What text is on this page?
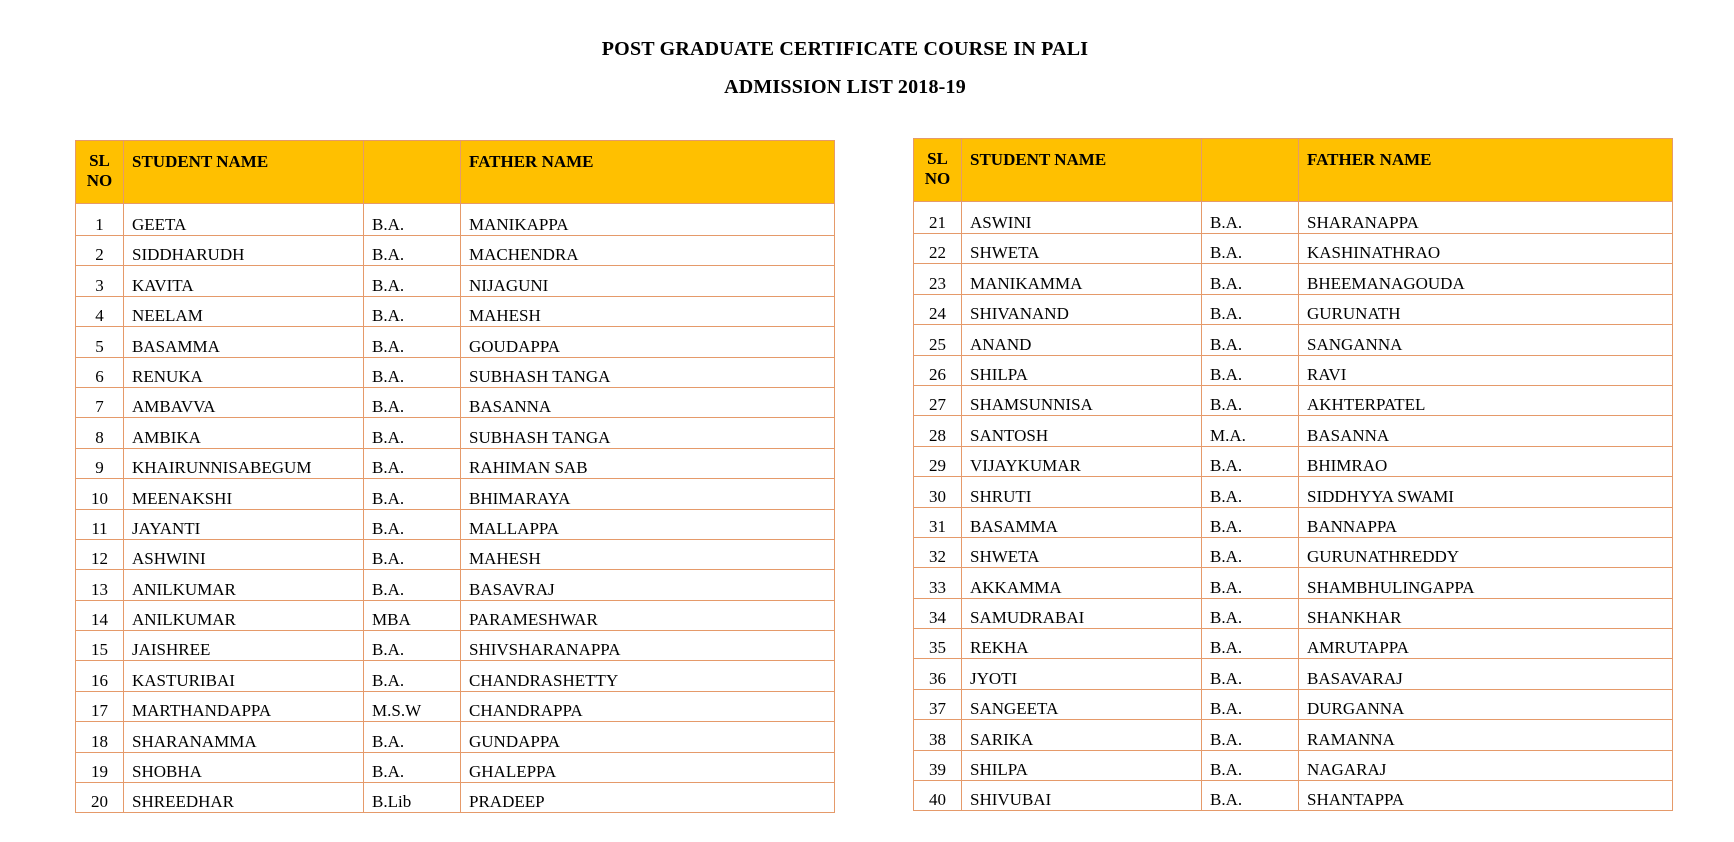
POST GRADUATE CERTIFICATE COURSE IN PALI
ADMISSION LIST 2018-19
SL NO	STUDENT NAME		FATHER NAME
1	GEETA	B.A.	MANIKAPPA
2	SIDDHARUDH	B.A.	MACHENDRA
3	KAVITA	B.A.	NIJAGUNI
4	NEELAM	B.A.	MAHESH
5	BASAMMA	B.A.	GOUDAPPA
6	RENUKA	B.A.	SUBHASH TANGA
7	AMBAVVA	B.A.	BASANNA
8	AMBIKA	B.A.	SUBHASH TANGA
9	KHAIRUNNISABEGUM	B.A.	RAHIMAN SAB
10	MEENAKSHI	B.A.	BHIMARAYA
11	JAYANTI	B.A.	MALLAPPA
12	ASHWINI	B.A.	MAHESH
13	ANILKUMAR	B.A.	BASAVRAJ
14	ANILKUMAR	MBA	PARAMESHWAR
15	JAISHREE	B.A.	SHIVSHARANAPPA
16	KASTURIBAI	B.A.	CHANDRASHETTY
17	MARTHANDAPPA	M.S.W	CHANDRAPPA
18	SHARANAMMA	B.A.	GUNDAPPA
19	SHOBHA	B.A.	GHALEPPA
20	SHREEDHAR	B.Lib	PRADEEP
SL NO	STUDENT NAME		FATHER NAME
21	ASWINI	B.A.	SHARANAPPA
22	SHWETA	B.A.	KASHINATHRAO
23	MANIKAMMA	B.A.	BHEEMANAGOUDA
24	SHIVANAND	B.A.	GURUNATH
25	ANAND	B.A.	SANGANNA
26	SHILPA	B.A.	RAVI
27	SHAMSUNNISA	B.A.	AKHTERPATEL
28	SANTOSH	M.A.	BASANNA
29	VIJAYKUMAR	B.A.	BHIMRAO
30	SHRUTI	B.A.	SIDDHYYA SWAMI
31	BASAMMA	B.A.	BANNAPPA
32	SHWETA	B.A.	GURUNATHREDDY
33	AKKAMMA	B.A.	SHAMBHULINGAPPA
34	SAMUDRABAI	B.A.	SHANKHAR
35	REKHA	B.A.	AMRUTAPPA
36	JYOTI	B.A.	BASAVARAJ
37	SANGEETA	B.A.	DURGANNA
38	SARIKA	B.A.	RAMANNA
39	SHILPA	B.A.	NAGARAJ
40	SHIVUBAI	B.A.	SHANTAPPA
